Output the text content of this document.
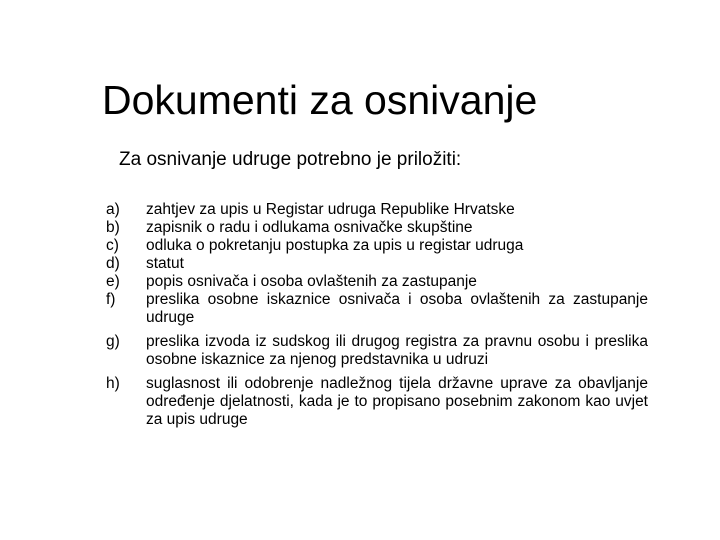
Dokumenti za osnivanje

Za osnivanje udruge potrebno je priložiti:

a)	zahtjev za upis u Registar udruga Republike Hrvatske
b)	zapisnik o radu i odlukama osnivačke skupštine
c)	odluka o pokretanju postupka za upis u registar udruga
d)	statut
e)	popis osnivača i osoba ovlaštenih za zastupanje
f)	preslika osobne iskaznice osnivača i osoba ovlaštenih za zastupanje udruge
g)	preslika izvoda iz sudskog ili drugog registra za pravnu osobu i preslika osobne iskaznice za njenog predstavnika u udruzi
h)	suglasnost ili odobrenje nadležnog tijela državne uprave za obavljanje određenje djelatnosti, kada je to propisano posebnim zakonom kao uvjet za upis udruge
